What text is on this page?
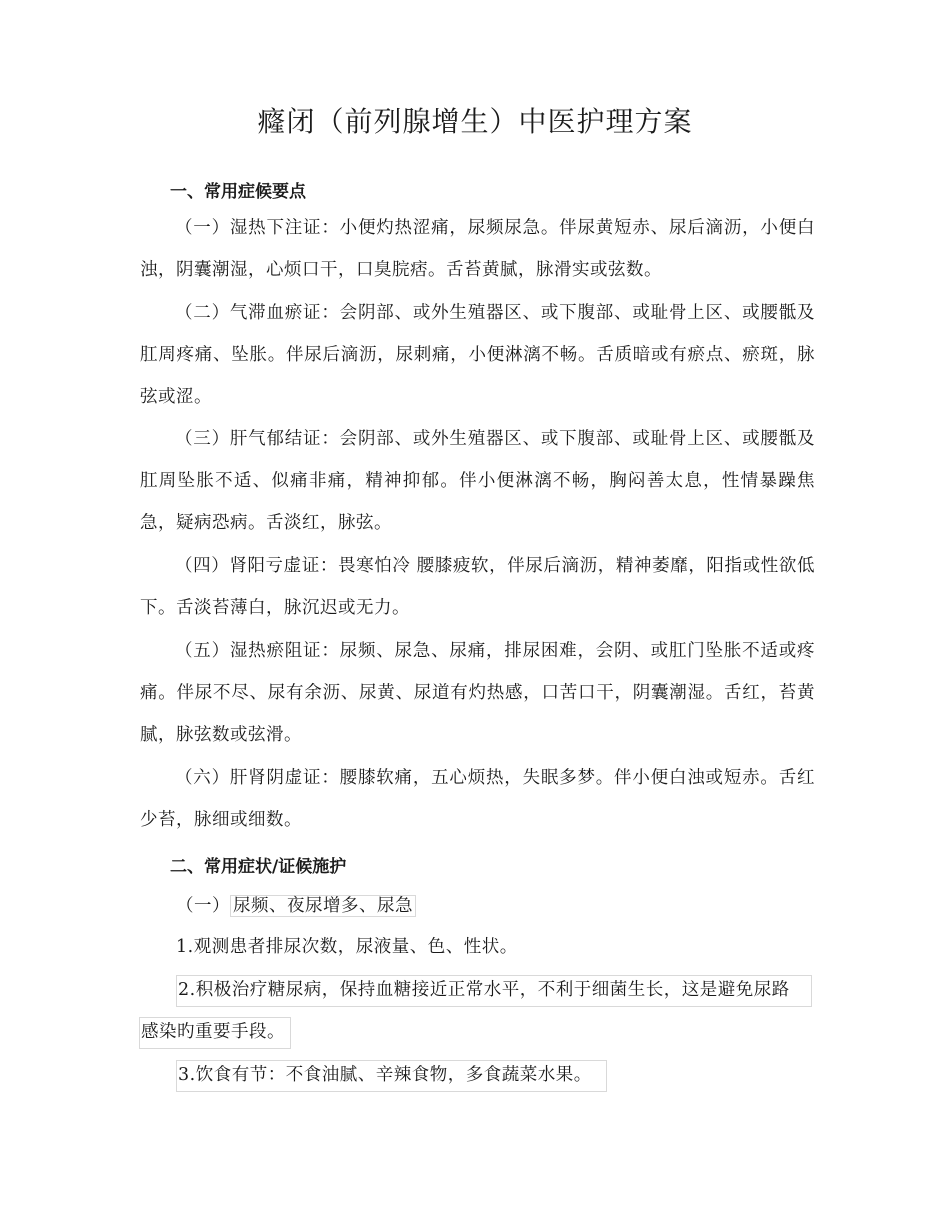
癃闭（前列腺增生）中医护理方案
一、常用症候要点

（一）湿热下注证：小便灼热涩痛，尿频尿急。伴尿黄短赤、尿后滴沥，小便白浊，阴囊潮湿，心烦口干，口臭脘痞。舌苔黄腻，脉滑实或弦数。

（二）气滞血瘀证：会阴部、或外生殖器区、或下腹部、或耻骨上区、或腰骶及肛周疼痛、坠胀。伴尿后滴沥，尿刺痛，小便淋漓不畅。舌质暗或有瘀点、瘀斑，脉弦或涩。

（三）肝气郁结证：会阴部、或外生殖器区、或下腹部、或耻骨上区、或腰骶及肛周坠胀不适、似痛非痛，精神抑郁。伴小便淋漓不畅，胸闷善太息，性情暴躁焦急，疑病恐病。舌淡红，脉弦。

（四）肾阳亏虚证：畏寒怕冷 腰膝疲软，伴尿后滴沥，精神萎靡，阳指或性欲低下。舌淡苔薄白，脉沉迟或无力。

（五）湿热瘀阻证：尿频、尿急、尿痛，排尿困难，会阴、或肛门坠胀不适或疼痛。伴尿不尽、尿有余沥、尿黄、尿道有灼热感，口苦口干，阴囊潮湿。舌红，苔黄腻，脉弦数或弦滑。

（六）肝肾阴虚证：腰膝软痛，五心烦热，失眠多梦。伴小便白浊或短赤。舌红少苔，脉细或细数。

二、常用症状/证候施护
（一） 尿频、夜尿增多、尿急
1.观测患者排尿次数，尿液量、色、性状。
2.积极治疗糖尿病，保持血糖接近正常水平，不利于细菌生长，这是避免尿路
感染旳重要手段。
3.饮食有节：不食油腻、辛辣食物，多食蔬菜水果。
